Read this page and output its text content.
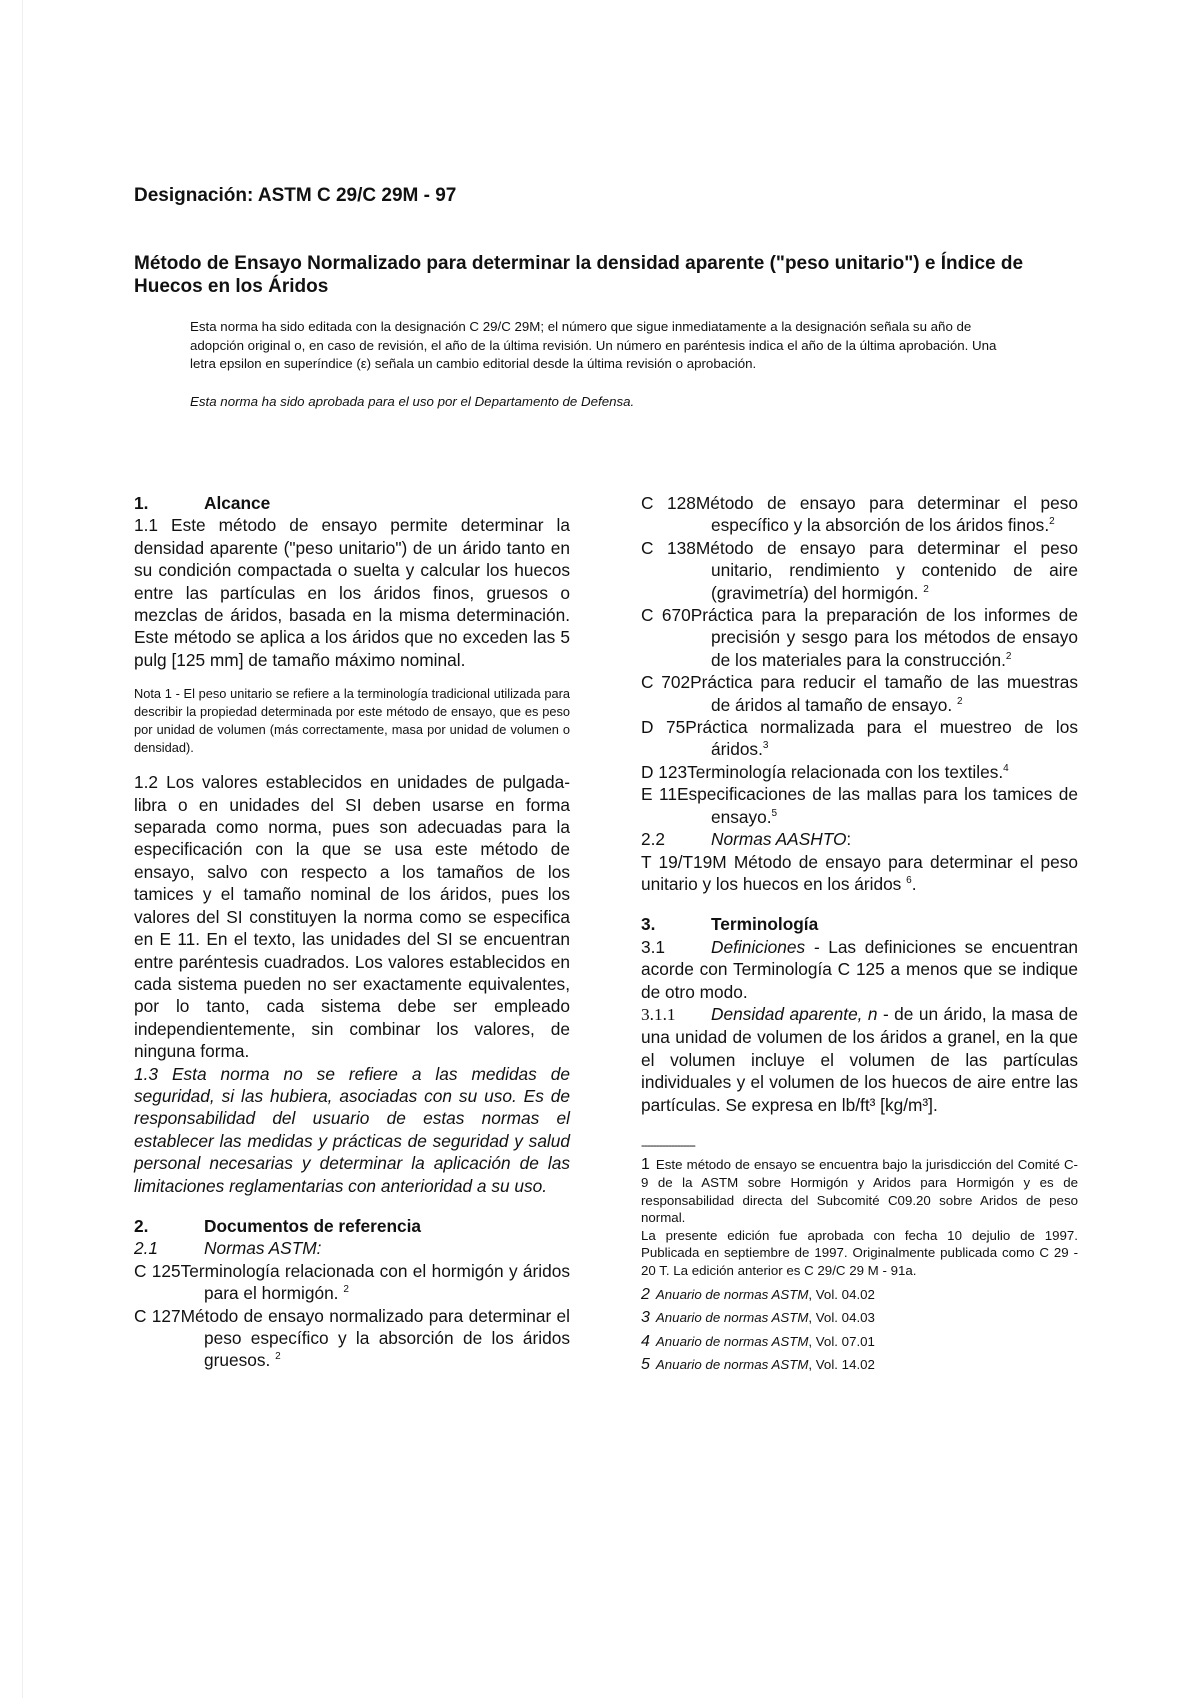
Designación: ASTM C 29/C 29M - 97
Método de Ensayo Normalizado para determinar la densidad aparente ("peso unitario") e Índice de Huecos en los Áridos

Esta norma ha sido editada con la designación C 29/C 29M; el número que sigue inmediatamente a la designación señala su año de adopción original o, en caso de revisión, el año de la última revisión. Un número en paréntesis indica el año de la última aprobación. Una letra epsilon en superíndice (ε) señala un cambio editorial desde la última revisión o aprobación.

Esta norma ha sido aprobada para el uso por el Departamento de Defensa.

1.	Alcance

1.1 Este método de ensayo permite determinar la densidad aparente ("peso unitario") de un árido tanto en su condición compactada o suelta y calcular los huecos entre las partículas en los áridos finos, gruesos o mezclas de áridos, basada en la misma determinación. Este método se aplica a los áridos que no exceden las 5 pulg [125 mm] de tamaño máximo nominal.

Nota 1 - El peso unitario se refiere a la terminología tradicional utilizada para describir la propiedad determinada por este método de ensayo, que es peso por unidad de volumen (más correctamente, masa por unidad de volumen o densidad).

1.2 Los valores establecidos en unidades de pulgada-libra o en unidades del SI deben usarse en forma separada como norma, pues son adecuadas para la especificación con la que se usa este método de ensayo, salvo con respecto a los tamaños de los tamices y el tamaño nominal de los áridos, pues los valores del SI constituyen la norma como se especifica en E 11. En el texto, las unidades del SI se encuentran entre paréntesis cuadrados. Los valores establecidos en cada sistema pueden no ser exactamente equivalentes, por lo tanto, cada sistema debe ser empleado independientemente, sin combinar los valores, de ninguna forma.

1.3 Esta norma no se refiere a las medidas de seguridad, si las hubiera, asociadas con su uso. Es de responsabilidad del usuario de estas normas el establecer las medidas y prácticas de seguridad y salud personal necesarias y determinar la aplicación de las limitaciones reglamentarias con anterioridad a su uso.

2.	Documentos de referencia

2.1	Normas ASTM:

C 125Terminología relacionada con el hormigón y áridos para el hormigón. $^2$

C 127Método de ensayo normalizado para determinar el peso específico y la absorción de los áridos gruesos. $^2$

C 128Método de ensayo para determinar el peso específico y la absorción de los áridos finos.$^2$

C 138Método de ensayo para determinar el peso unitario, rendimiento y contenido de aire (gravimetría) del hormigón. $^2$

C 670Práctica para la preparación de los informes de precisión y sesgo para los métodos de ensayo de los materiales para la construcción.$^2$

C 702Práctica para reducir el tamaño de las muestras de áridos al tamaño de ensayo. $^2$

D 75Práctica normalizada para el muestreo de los áridos.$^3$

D 123Terminología relacionada con los textiles.$^4$

E 11Especificaciones de las mallas para los tamices de ensayo.$^5$

2.2	Normas AASHTO:

T 19/T19M Método de ensayo para determinar el peso unitario y los huecos en los áridos $^6$.

3.	Terminología

3.1	Definiciones - Las definiciones se encuentran acorde con Terminología C 125 a menos que se indique de otro modo.

3.1.1 Densidad aparente, n - de un árido, la masa de una unidad de volumen de los áridos a granel, en la que el volumen incluye el volumen de las partículas individuales y el volumen de los huecos de aire entre las partículas. Se expresa en lb/ft³ [kg/m³].

------------------

1 Este método de ensayo se encuentra bajo la jurisdicción del Comité C-9 de la ASTM sobre Hormigón y Aridos para Hormigón y es de responsabilidad directa del Subcomité C09.20 sobre Aridos de peso normal.

La presente edición fue aprobada con fecha 10 dejulio de 1997. Publicada en septiembre de 1997. Originalmente publicada como C 29 - 20 T. La edición anterior es C 29/C 29 M - 91a.

2 Anuario de normas ASTM, Vol. 04.02

3 Anuario de normas ASTM, Vol. 04.03

4 Anuario de normas ASTM, Vol. 07.01

5 Anuario de normas ASTM, Vol. 14.02
